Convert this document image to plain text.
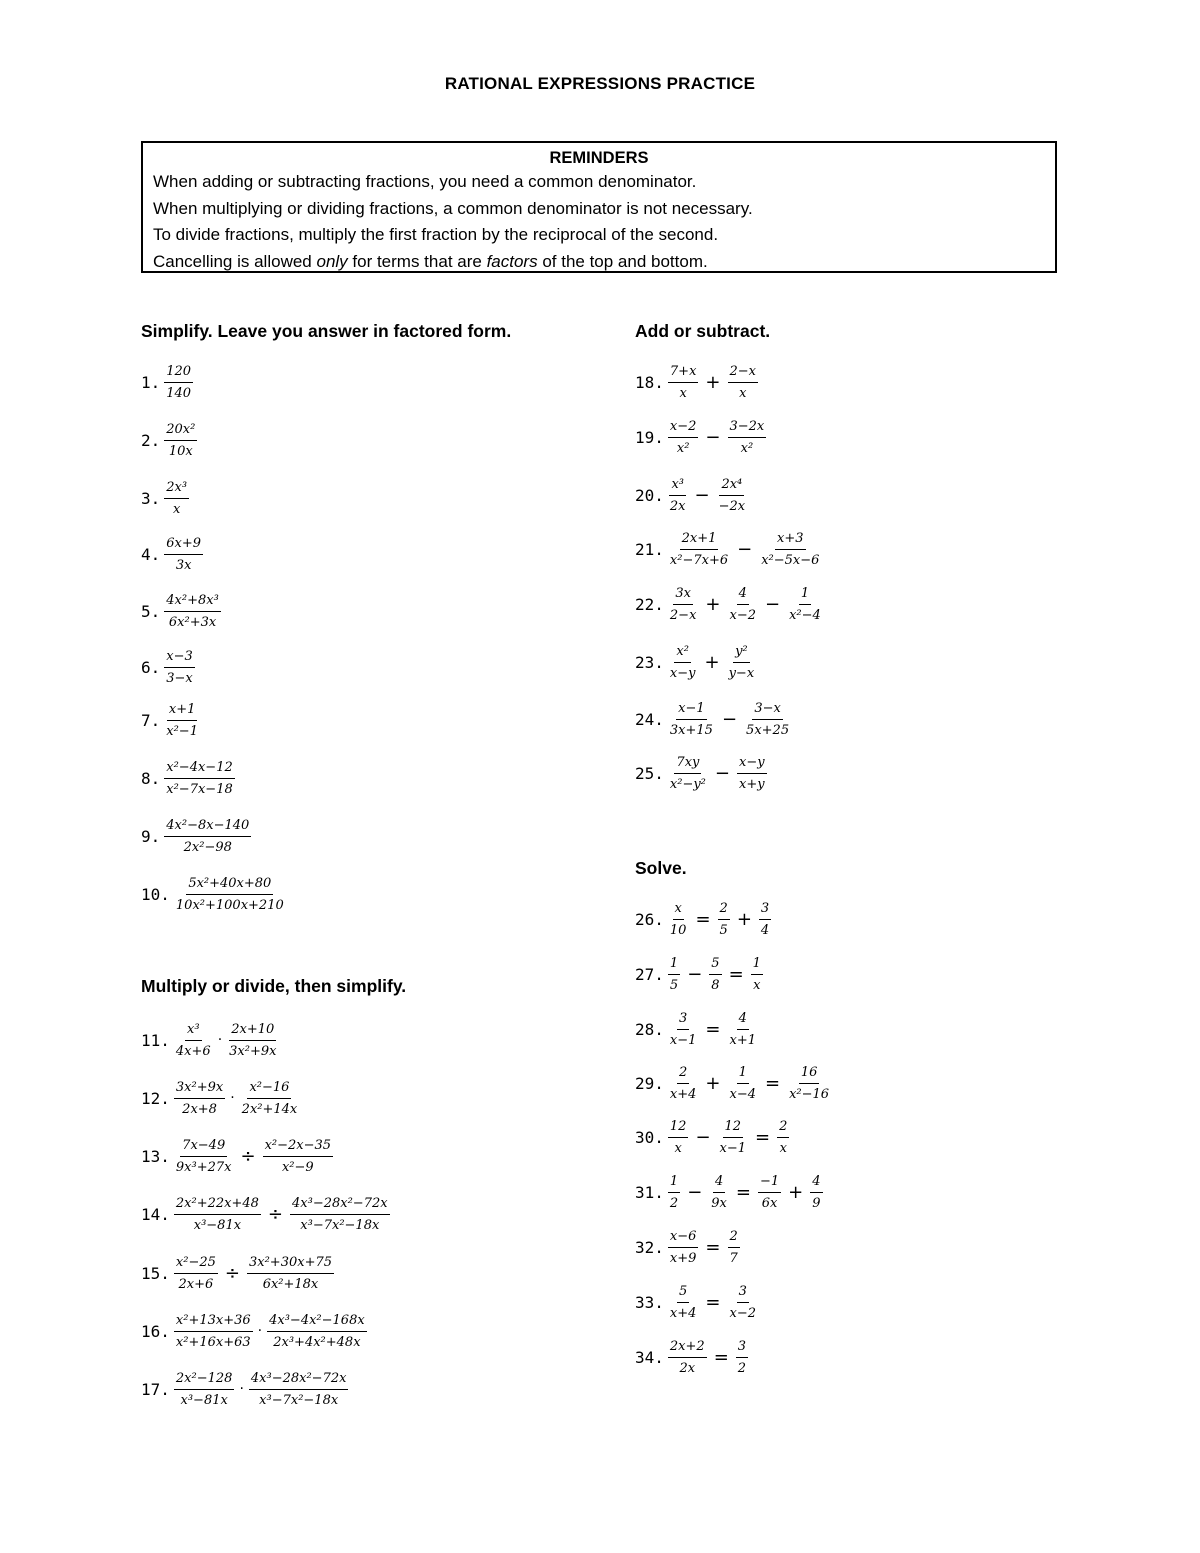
RATIONAL EXPRESSIONS PRACTICE
REMINDERS
When adding or subtracting fractions, you need a common denominator.
When multiplying or dividing fractions, a common denominator is not necessary.
To divide fractions, multiply the first fraction by the reciprocal of the second.
Cancelling is allowed only for terms that are factors of the top and bottom.
Simplify. Leave you answer in factored form.
Multiply or divide, then simplify.
Add or subtract.
Solve.
1. $\frac{120}{140}$
2. $\frac{\text{20x²}}{10x}$
3. $\frac{\text{2x³}}{x}$
4. $\frac{6x+9}{3x}$
5. $\frac{\text{4x²+8x³}}{\text{6x²+3x}}$
6. $\frac{x-3}{3-x}$
7. $\frac{x+1}{\text{x²−1}}$
8. $\frac{\text{x²−4x−12}}{\text{x²−7x−18}}$
9. $\frac{\text{4x²−8x−140}}{\text{2x²−98}}$
10. $\frac{\text{5x²+40x+80}}{\text{10x²+100x+210}}$
11. $\frac{\text{x³}}{4x+6} \cdot \frac{2x+10}{\text{3x²+9x}}$
12. $\frac{\text{3x²+9x}}{2x+8} \cdot \frac{\text{x²−16}}{\text{2x²+14x}}$
13. $\frac{7x-49}{\text{9x³+27x}} \div \frac{\text{x²−2x−35}}{\text{x²−9}}$
14. $\frac{\text{2x²+22x+48}}{\text{x³−81x}} \div \frac{\text{4x³−28x²−72x}}{\text{x³−7x²−18x}}$
15. $\frac{\text{x²−25}}{2x+6} \div \frac{\text{3x²+30x+75}}{\text{6x²+18x}}$
16. $\frac{\text{x²+13x+36}}{\text{x²+16x+63}} \cdot \frac{\text{4x³−4x²−168x}}{\text{2x³+4x²+48x}}$
17. $\frac{\text{2x²−128}}{\text{x³−81x}} \cdot \frac{\text{4x³−28x²−72x}}{\text{x³−7x²−18x}}$
18. $\frac{7+x}{x} + \frac{2-x}{x}$
19. $\frac{x-2}{\text{x²}} - \frac{3-2x}{\text{x²}}$
20. $\frac{\text{x³}}{2x} - \frac{\text{2x⁴}}{-2x}$
21. $\frac{2x+1}{\text{x²−7x+6}} - \frac{x+3}{\text{x²−5x−6}}$
22. $\frac{3x}{2-x} + \frac{4}{x-2} - \frac{1}{\text{x²−4}}$
23. $\frac{\text{x²}}{x-y} + \frac{\text{y²}}{y-x}$
24. $\frac{x-1}{3x+15} - \frac{3-x}{5x+25}$
25. $\frac{7xy}{\text{x²−y²}} - \frac{x-y}{x+y}$
26. $\frac{x}{10} = \frac{2}{5} + \frac{3}{4}$
27. $\frac{1}{5} - \frac{5}{8} = \frac{1}{x}$
28. $\frac{3}{x-1} = \frac{4}{x+1}$
29. $\frac{2}{x+4} + \frac{1}{x-4} = \frac{16}{\text{x²−16}}$
30. $\frac{12}{x} - \frac{12}{x-1} = \frac{2}{x}$
31. $\frac{1}{2} - \frac{4}{9x} = \frac{-1}{6x} + \frac{4}{9}$
32. $\frac{x-6}{x+9} = \frac{2}{7}$
33. $\frac{5}{x+4} = \frac{3}{x-2}$
34. $\frac{2x+2}{2x} = \frac{3}{2}$
